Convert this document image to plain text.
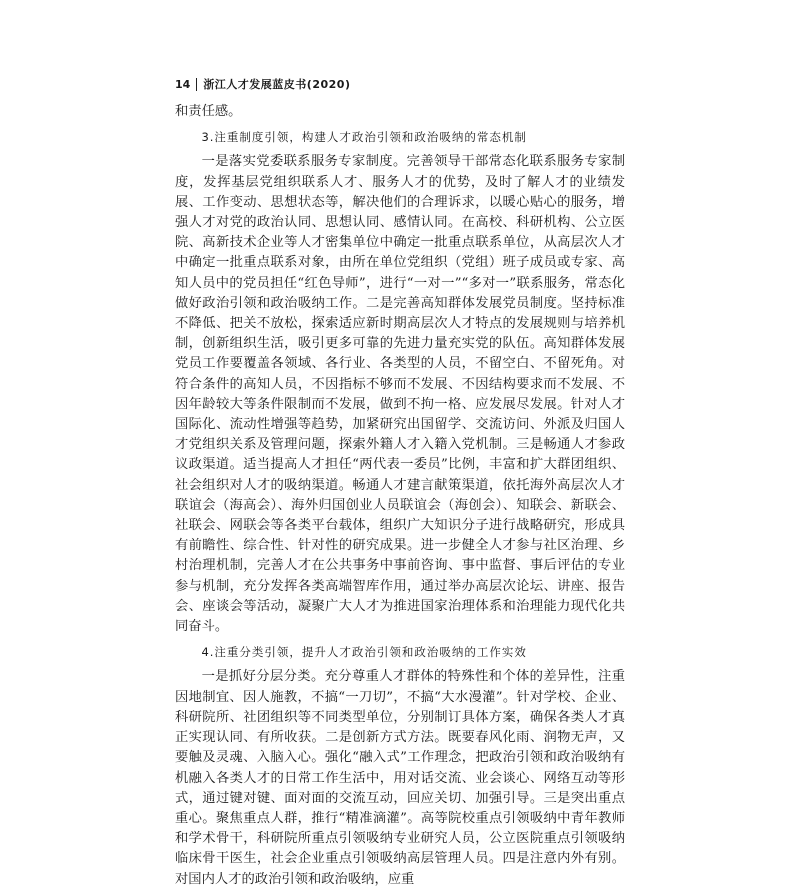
14 浙江人才发展蓝皮书(2020)

和责任感。

3.注重制度引领，构建人才政治引领和政治吸纳的常态机制

一是落实党委联系服务专家制度。完善领导干部常态化联系服务专家制度，发挥基层党组织联系人才、服务人才的优势，及时了解人才的业绩发展、工作变动、思想状态等，解决他们的合理诉求，以暖心贴心的服务，增强人才对党的政治认同、思想认同、感情认同。在高校、科研机构、公立医院、高新技术企业等人才密集单位中确定一批重点联系单位，从高层次人才中确定一批重点联系对象，由所在单位党组织（党组）班子成员或专家、高知人员中的党员担任“红色导师”，进行“一对一”“多对一”联系服务，常态化做好政治引领和政治吸纳工作。二是完善高知群体发展党员制度。坚持标准不降低、把关不放松，探索适应新时期高层次人才特点的发展规则与培养机制，创新组织生活，吸引更多可靠的先进力量充实党的队伍。高知群体发展党员工作要覆盖各领域、各行业、各类型的人员，不留空白、不留死角。对符合条件的高知人员，不因指标不够而不发展、不因结构要求而不发展、不因年龄较大等条件限制而不发展，做到不拘一格、应发展尽发展。针对人才国际化、流动性增强等趋势，加紧研究出国留学、交流访问、外派及归国人才党组织关系及管理问题，探索外籍人才入籍入党机制。三是畅通人才参政议政渠道。适当提高人才担任“两代表一委员”比例，丰富和扩大群团组织、社会组织对人才的吸纳渠道。畅通人才建言献策渠道，依托海外高层次人才联谊会（海高会）、海外归国创业人员联谊会（海创会）、知联会、新联会、社联会、网联会等各类平台载体，组织广大知识分子进行战略研究，形成具有前瞻性、综合性、针对性的研究成果。进一步健全人才参与社区治理、乡村治理机制，完善人才在公共事务中事前咨询、事中监督、事后评估的专业参与机制，充分发挥各类高端智库作用，通过举办高层次论坛、讲座、报告会、座谈会等活动，凝聚广大人才为推进国家治理体系和治理能力现代化共同奋斗。

4.注重分类引领，提升人才政治引领和政治吸纳的工作实效

一是抓好分层分类。充分尊重人才群体的特殊性和个体的差异性，注重因地制宜、因人施教，不搞“一刀切”，不搞“大水漫灌”。针对学校、企业、科研院所、社团组织等不同类型单位，分别制订具体方案，确保各类人才真正实现认同、有所收获。二是创新方式方法。既要春风化雨、润物无声，又要触及灵魂、入脑入心。强化“融入式”工作理念，把政治引领和政治吸纳有机融入各类人才的日常工作生活中，用对话交流、业会谈心、网络互动等形式，通过键对键、面对面的交流互动，回应关切、加强引导。三是突出重点重心。聚焦重点人群，推行“精准滴灌”。高等院校重点引领吸纳中青年教师和学术骨干，科研院所重点引领吸纳专业研究人员，公立医院重点引领吸纳临床骨干医生，社会企业重点引领吸纳高层管理人员。四是注意内外有别。对国内人才的政治引领和政治吸纳，应重
